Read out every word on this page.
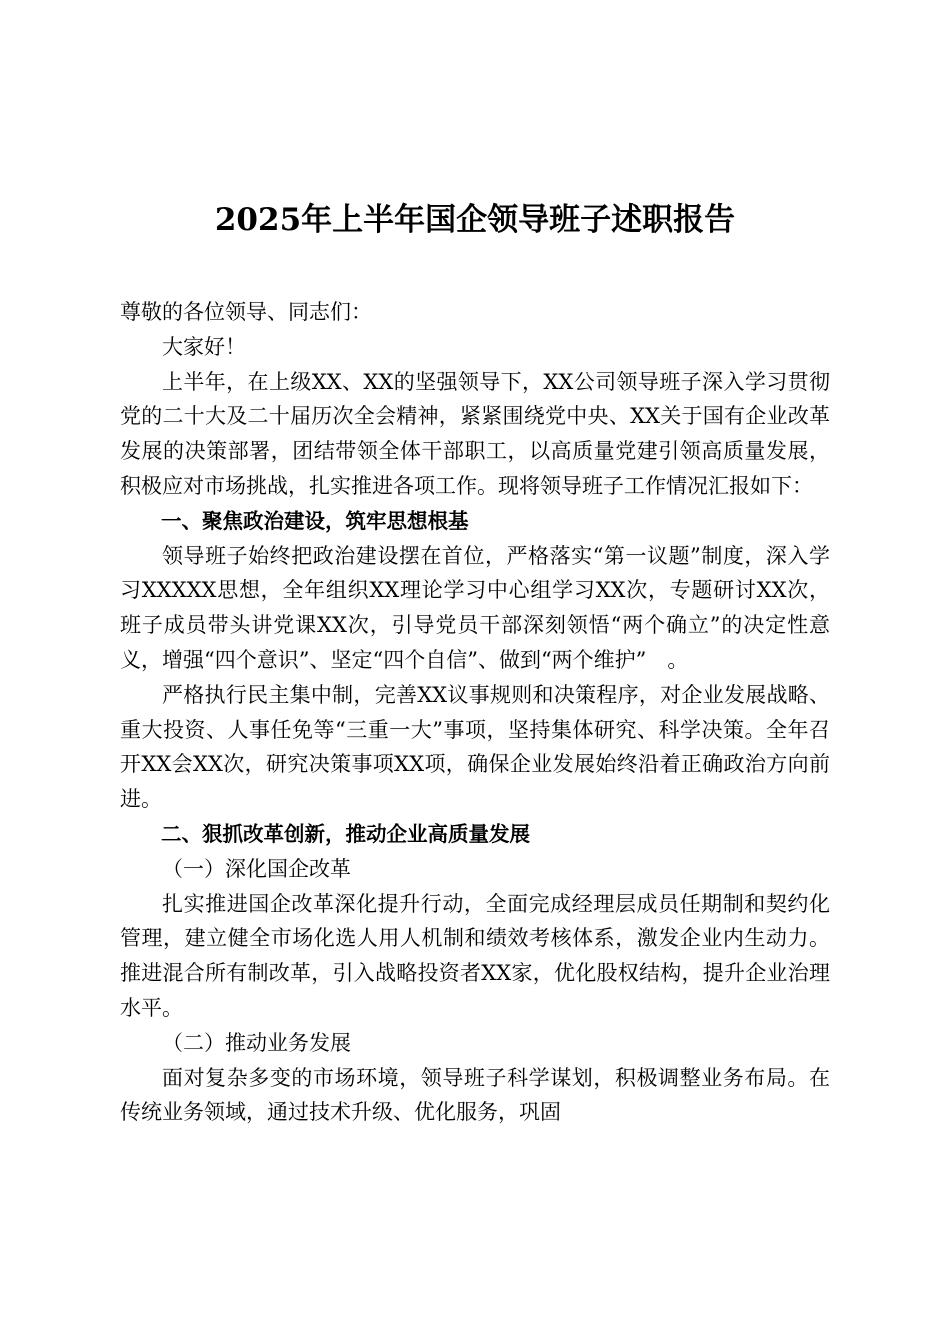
2025年上半年国企领导班子述职报告

尊敬的各位领导、同志们：

大家好！

上半年，在上级XX、XX的坚强领导下，XX公司领导班子深入学习贯彻党的二十大及二十届历次全会精神，紧紧围绕党中央、XX关于国有企业改革发展的决策部署，团结带领全体干部职工，以高质量党建引领高质量发展，积极应对市场挑战，扎实推进各项工作。现将领导班子工作情况汇报如下：

一、聚焦政治建设，筑牢思想根基

领导班子始终把政治建设摆在首位，严格落实“第一议题”制度，深入学习XXXXX思想，全年组织XX理论学习中心组学习XX次，专题研讨XX次，班子成员带头讲党课XX次，引导党员干部深刻领悟“两个确立”的决定性意义，增强“四个意识”、坚定“四个自信”、做到“两个维护”　。

严格执行民主集中制，完善XX议事规则和决策程序，对企业发展战略、重大投资、人事任免等“三重一大”事项，坚持集体研究、科学决策。全年召开XX会XX次，研究决策事项XX项，确保企业发展始终沿着正确政治方向前进。

二、狠抓改革创新，推动企业高质量发展

（一）深化国企改革

扎实推进国企改革深化提升行动，全面完成经理层成员任期制和契约化管理，建立健全市场化选人用人机制和绩效考核体系，激发企业内生动力。推进混合所有制改革，引入战略投资者XX家，优化股权结构，提升企业治理水平。

（二）推动业务发展

面对复杂多变的市场环境，领导班子科学谋划，积极调整业务布局。在传统业务领域，通过技术升级、优化服务，巩固
